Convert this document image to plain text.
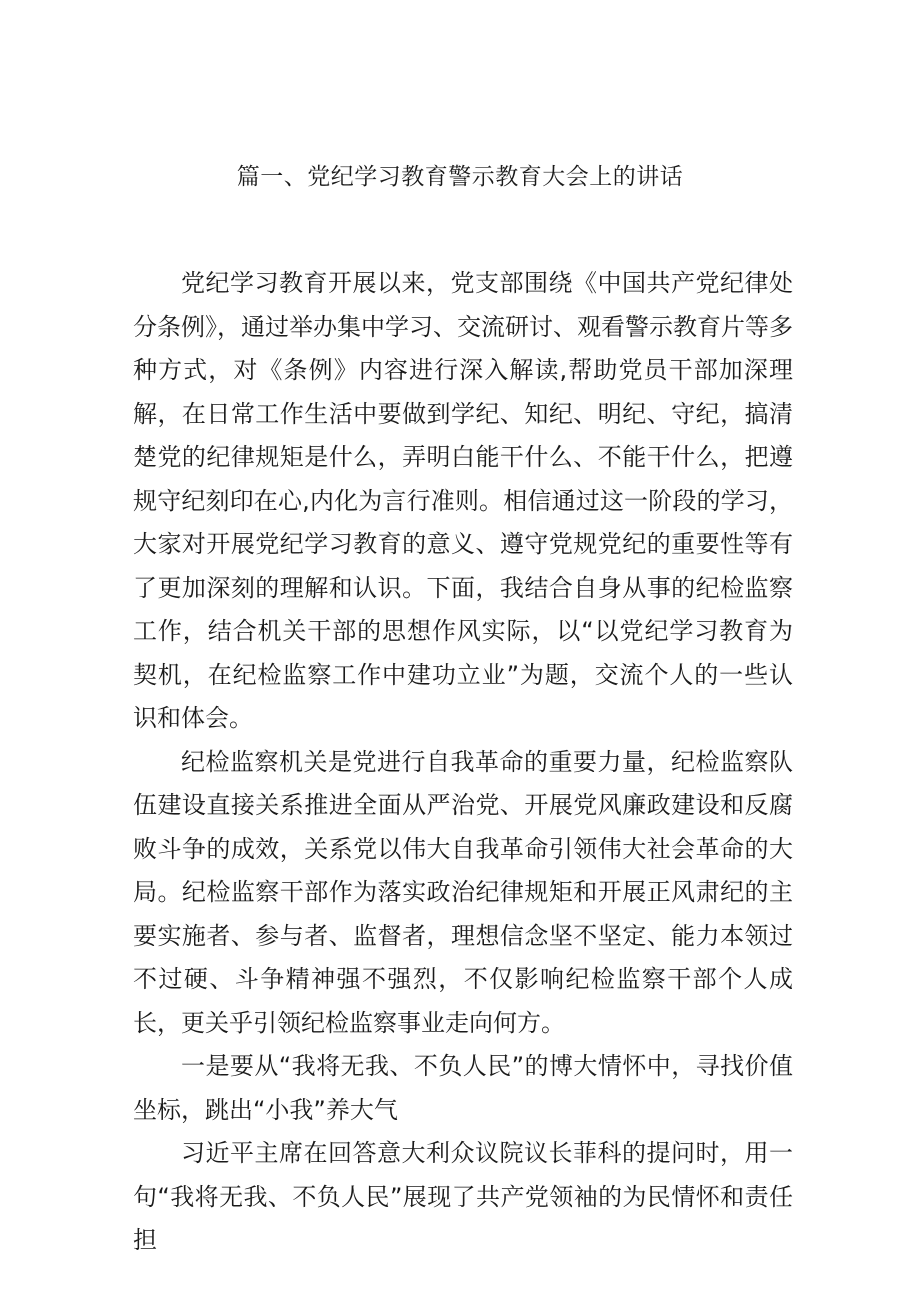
篇一、党纪学习教育警示教育大会上的讲话

党纪学习教育开展以来，党支部围绕《中国共产党纪律处分条例》，通过举办集中学习、交流研讨、观看警示教育片等多种方式，对《条例》内容进行深入解读,帮助党员干部加深理解，在日常工作生活中要做到学纪、知纪、明纪、守纪，搞清楚党的纪律规矩是什么，弄明白能干什么、不能干什么，把遵规守纪刻印在心,内化为言行准则。相信通过这一阶段的学习，大家对开展党纪学习教育的意义、遵守党规党纪的重要性等有了更加深刻的理解和认识。下面，我结合自身从事的纪检监察工作，结合机关干部的思想作风实际，以“以党纪学习教育为契机，在纪检监察工作中建功立业”为题，交流个人的一些认识和体会。

纪检监察机关是党进行自我革命的重要力量，纪检监察队伍建设直接关系推进全面从严治党、开展党风廉政建设和反腐败斗争的成效，关系党以伟大自我革命引领伟大社会革命的大局。纪检监察干部作为落实政治纪律规矩和开展正风肃纪的主要实施者、参与者、监督者，理想信念坚不坚定、能力本领过不过硬、斗争精神强不强烈，不仅影响纪检监察干部个人成长，更关乎引领纪检监察事业走向何方。

一是要从“我将无我、不负人民”的博大情怀中，寻找价值坐标，跳出“小我”养大气

习近平主席在回答意大利众议院议长菲科的提问时，用一句“我将无我、不负人民”展现了共产党领袖的为民情怀和责任担
